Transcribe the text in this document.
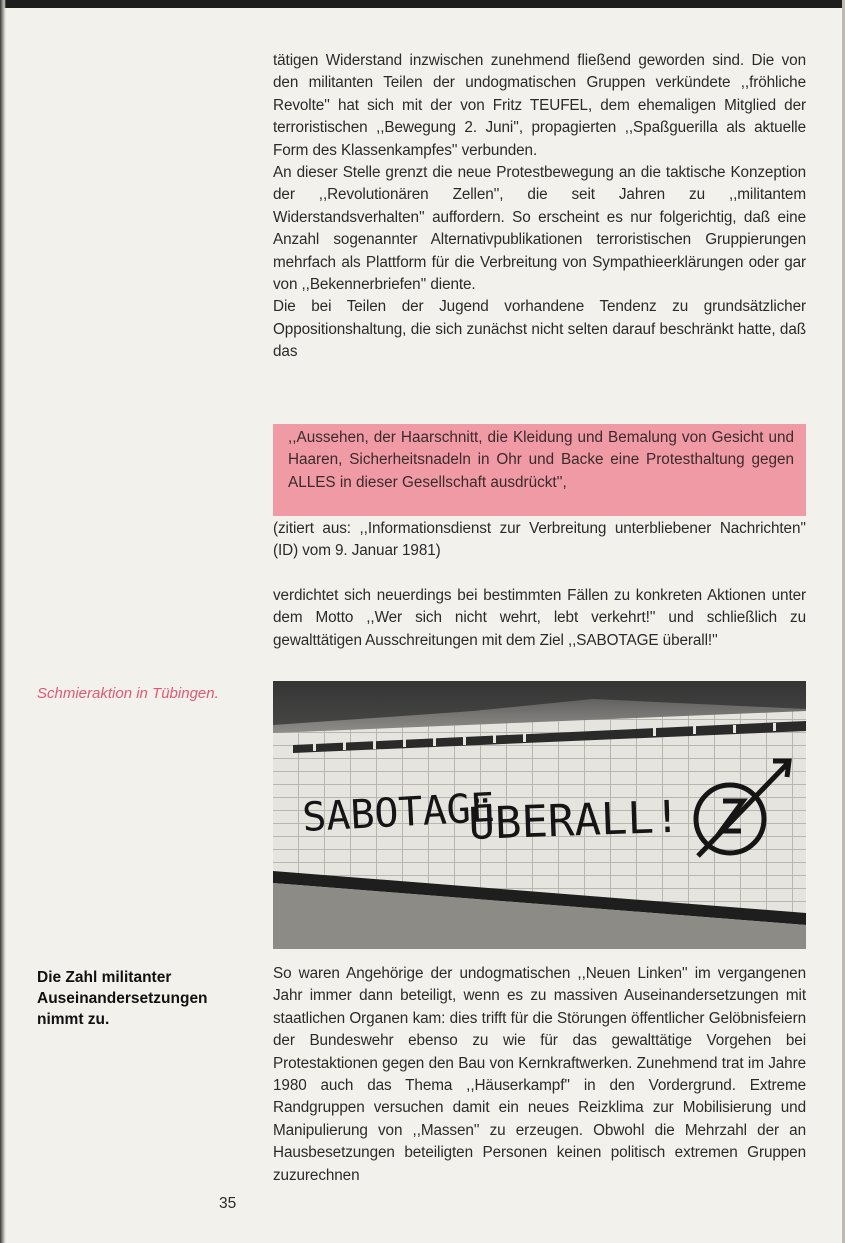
tätigen Widerstand inzwischen zunehmend fließend geworden sind. Die von den militanten Teilen der undogmatischen Gruppen verkündete ,,fröhliche Revolte'' hat sich mit der von Fritz TEUFEL, dem ehemaligen Mitglied der terroristischen ,,Bewegung 2. Juni'', propagierten ,,Spaßguerilla als aktuelle Form des Klassenkampfes'' verbunden.

An dieser Stelle grenzt die neue Protestbewegung an die taktische Konzeption der ,,Revolutionären Zellen'', die seit Jahren zu ,,militantem Widerstandsverhalten'' auffordern. So erscheint es nur folgerichtig, daß eine Anzahl sogenannter Alternativpublikationen terroristischen Gruppierungen mehrfach als Plattform für die Verbreitung von Sympathieerklärungen oder gar von ,,Bekennerbriefen'' diente.

Die bei Teilen der Jugend vorhandene Tendenz zu grundsätzlicher Oppositionshaltung, die sich zunächst nicht selten darauf beschränkt hatte, daß das

,,Aussehen, der Haarschnitt, die Kleidung und Bemalung von Gesicht und Haaren, Sicherheitsnadeln in Ohr und Backe eine Protesthaltung gegen ALLES in dieser Gesellschaft ausdrückt'',
(zitiert aus: ,,Informationsdienst zur Verbreitung unterbliebener Nachrichten'' (ID) vom 9. Januar 1981)
verdichtet sich neuerdings bei bestimmten Fällen zu konkreten Aktionen unter dem Motto ,,Wer sich nicht wehrt, lebt verkehrt!'' und schließlich zu gewalttätigen Ausschreitungen mit dem Ziel ,,SABOTAGE überall!''
Schmieraktion in Tübingen.
SABOTAGE
ÜBERALL!
Die Zahl militanter Auseinandersetzungen nimmt zu.
So waren Angehörige der undogmatischen ,,Neuen Linken'' im vergangenen Jahr immer dann beteiligt, wenn es zu massiven Auseinandersetzungen mit staatlichen Organen kam: dies trifft für die Störungen öffentlicher Gelöbnisfeiern der Bundeswehr ebenso zu wie für das gewalttätige Vorgehen bei Protestaktionen gegen den Bau von Kernkraftwerken. Zunehmend trat im Jahre 1980 auch das Thema ,,Häuserkampf'' in den Vordergrund. Extreme Randgruppen versuchen damit ein neues Reizklima zur Mobilisierung und Manipulierung von ,,Massen'' zu erzeugen. Obwohl die Mehrzahl der an Hausbesetzungen beteiligten Personen keinen politisch extremen Gruppen zuzurechnen
35
